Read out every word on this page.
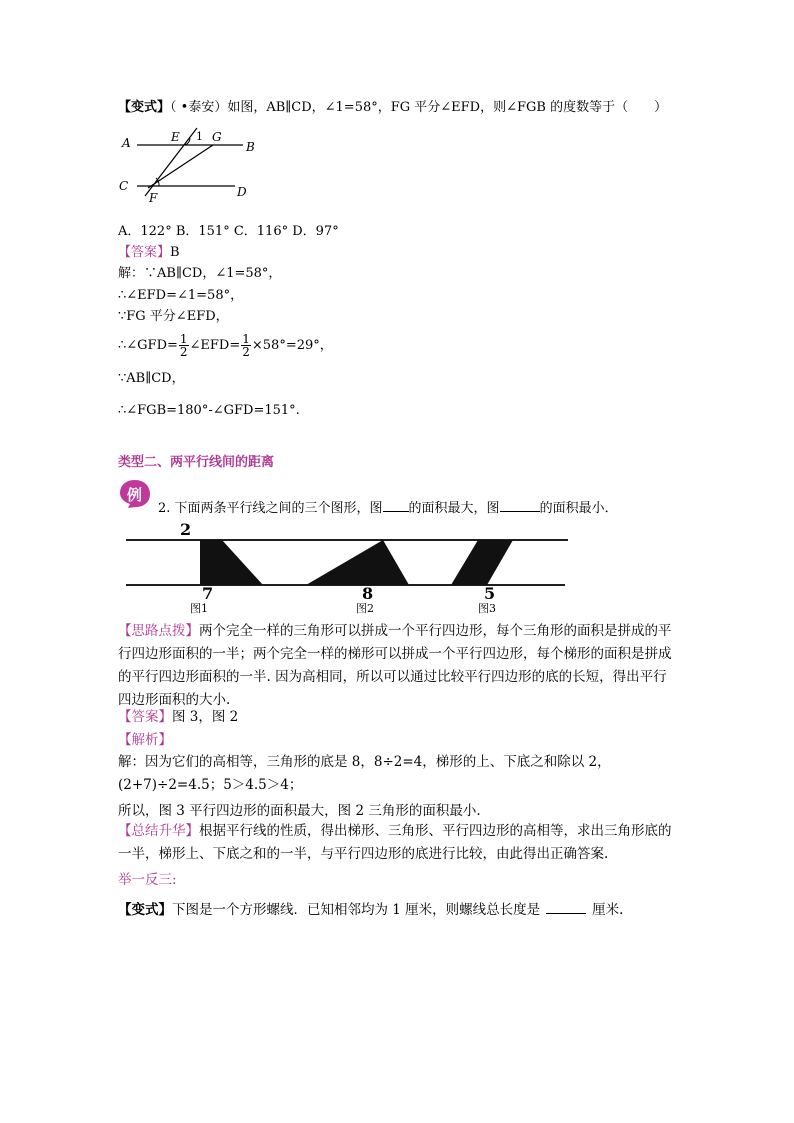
【变式】（ •泰安）如图，AB∥CD，∠1=58°，FG 平分∠EFD，则∠FGB 的度数等于（　　）
A	E 1 G
B
C
F	D
A．122° B．151° C．116° D．97°
【答案】B
解：∵AB∥CD，∠1=58°，
∴∠EFD=∠1=58°，
∵FG 平分∠EFD，
∴∠GFD= $\frac{1}{2}$ ∠EFD= $\frac{1}{2} \times 58^\circ=29^\circ$，
∵AB∥CD，
∴∠FGB=180°-∠GFD=151°.
类型二、两平行线间的距离
例
2. 下面两条平行线之间的三个图形，图 的面积最大，图	的面积最小．
2
7	8	5
图1	图2	图3
【思路点拨】两个完全一样的三角形可以拼成一个平行四边形，每个三角形的面积是拼成的平行四边形面积的一半；两个完全一样的梯形可以拼成一个平行四边形，每个梯形的面积是拼成的平行四边形面积的一半. 因为高相同，所以可以通过比较平行四边形的底的长短，得出平行四边形面积的大小.
【答案】图 3，图 2
【解析】
解：因为它们的高相等，三角形的底是 8，8÷2=4，梯形的上、下底之和除以 2，(2+7)÷2=4.5；5＞4.5＞4；
所以，图 3 平行四边形的面积最大，图 2 三角形的面积最小.
【总结升华】根据平行线的性质，得出梯形、三角形、平行四边形的高相等，求出三角形底的一半，梯形上、下底之和的一半，与平行四边形的底进行比较，由此得出正确答案.
举一反三:
【变式】下图是一个方形螺线．已知相邻均为 1 厘米，则螺线总长度是	厘米.
